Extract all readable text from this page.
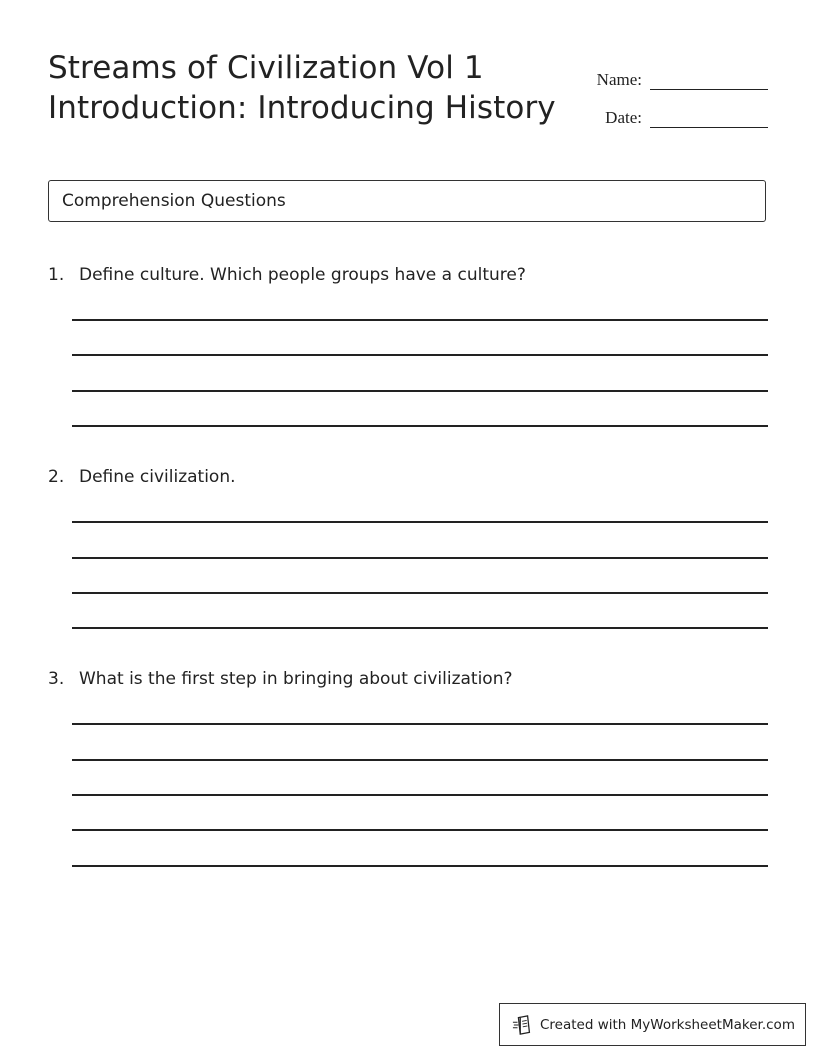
Streams of Civilization Vol 1
Introduction: Introducing History
Name:
Date:
Comprehension Questions
1. Define culture. Which people groups have a culture?
2. Define civilization.
3. What is the first step in bringing about civilization?
Created with MyWorksheetMaker.com
